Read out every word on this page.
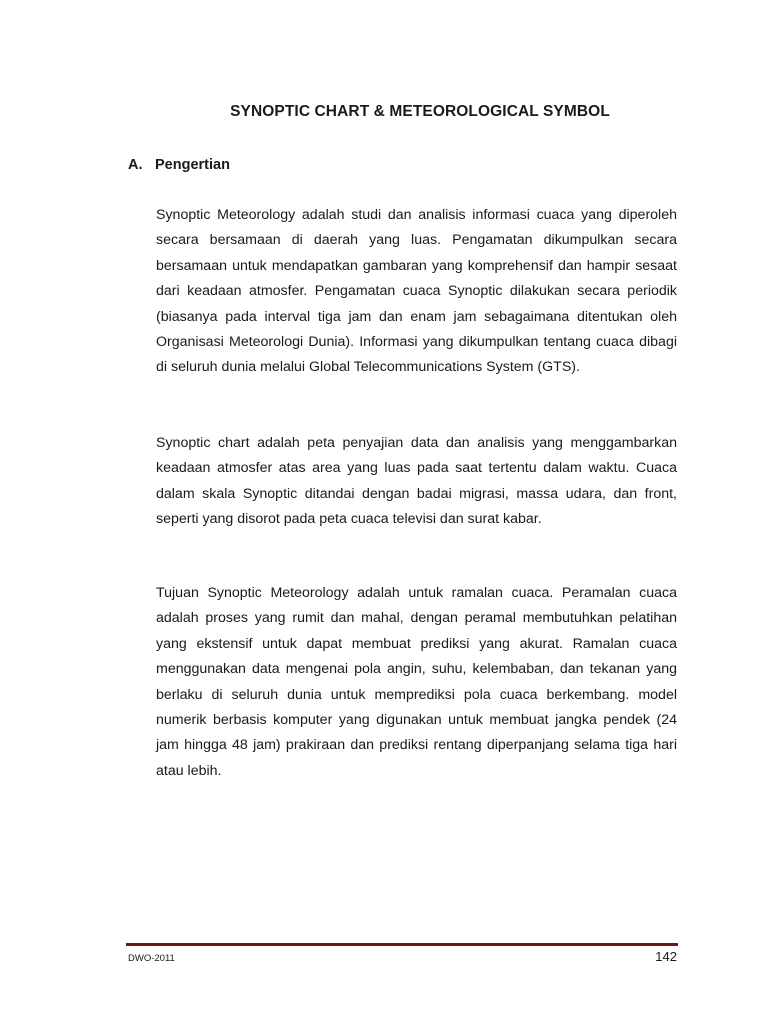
SYNOPTIC CHART & METEOROLOGICAL SYMBOL
A. Pengertian

Synoptic Meteorology adalah studi dan analisis informasi cuaca yang diperoleh secara bersamaan di daerah yang luas. Pengamatan dikumpulkan secara bersamaan untuk mendapatkan gambaran yang komprehensif dan hampir sesaat dari keadaan atmosfer. Pengamatan cuaca Synoptic dilakukan secara periodik (biasanya pada interval tiga jam dan enam jam sebagaimana ditentukan oleh Organisasi Meteorologi Dunia). Informasi yang dikumpulkan tentang cuaca dibagi di seluruh dunia melalui Global Telecommunications System (GTS).

Synoptic chart adalah peta penyajian data dan analisis yang menggambarkan keadaan atmosfer atas area yang luas pada saat tertentu dalam waktu. Cuaca dalam skala Synoptic ditandai dengan badai migrasi, massa udara, dan front, seperti yang disorot pada peta cuaca televisi dan surat kabar.

Tujuan Synoptic Meteorology adalah untuk ramalan cuaca. Peramalan cuaca adalah proses yang rumit dan mahal, dengan peramal membutuhkan pelatihan yang ekstensif untuk dapat membuat prediksi yang akurat. Ramalan cuaca menggunakan data mengenai pola angin, suhu, kelembaban, dan tekanan yang berlaku di seluruh dunia untuk memprediksi pola cuaca berkembang. model numerik berbasis komputer yang digunakan untuk membuat jangka pendek (24 jam hingga 48 jam) prakiraan dan prediksi rentang diperpanjang selama tiga hari atau lebih.

DWO-2011	142
